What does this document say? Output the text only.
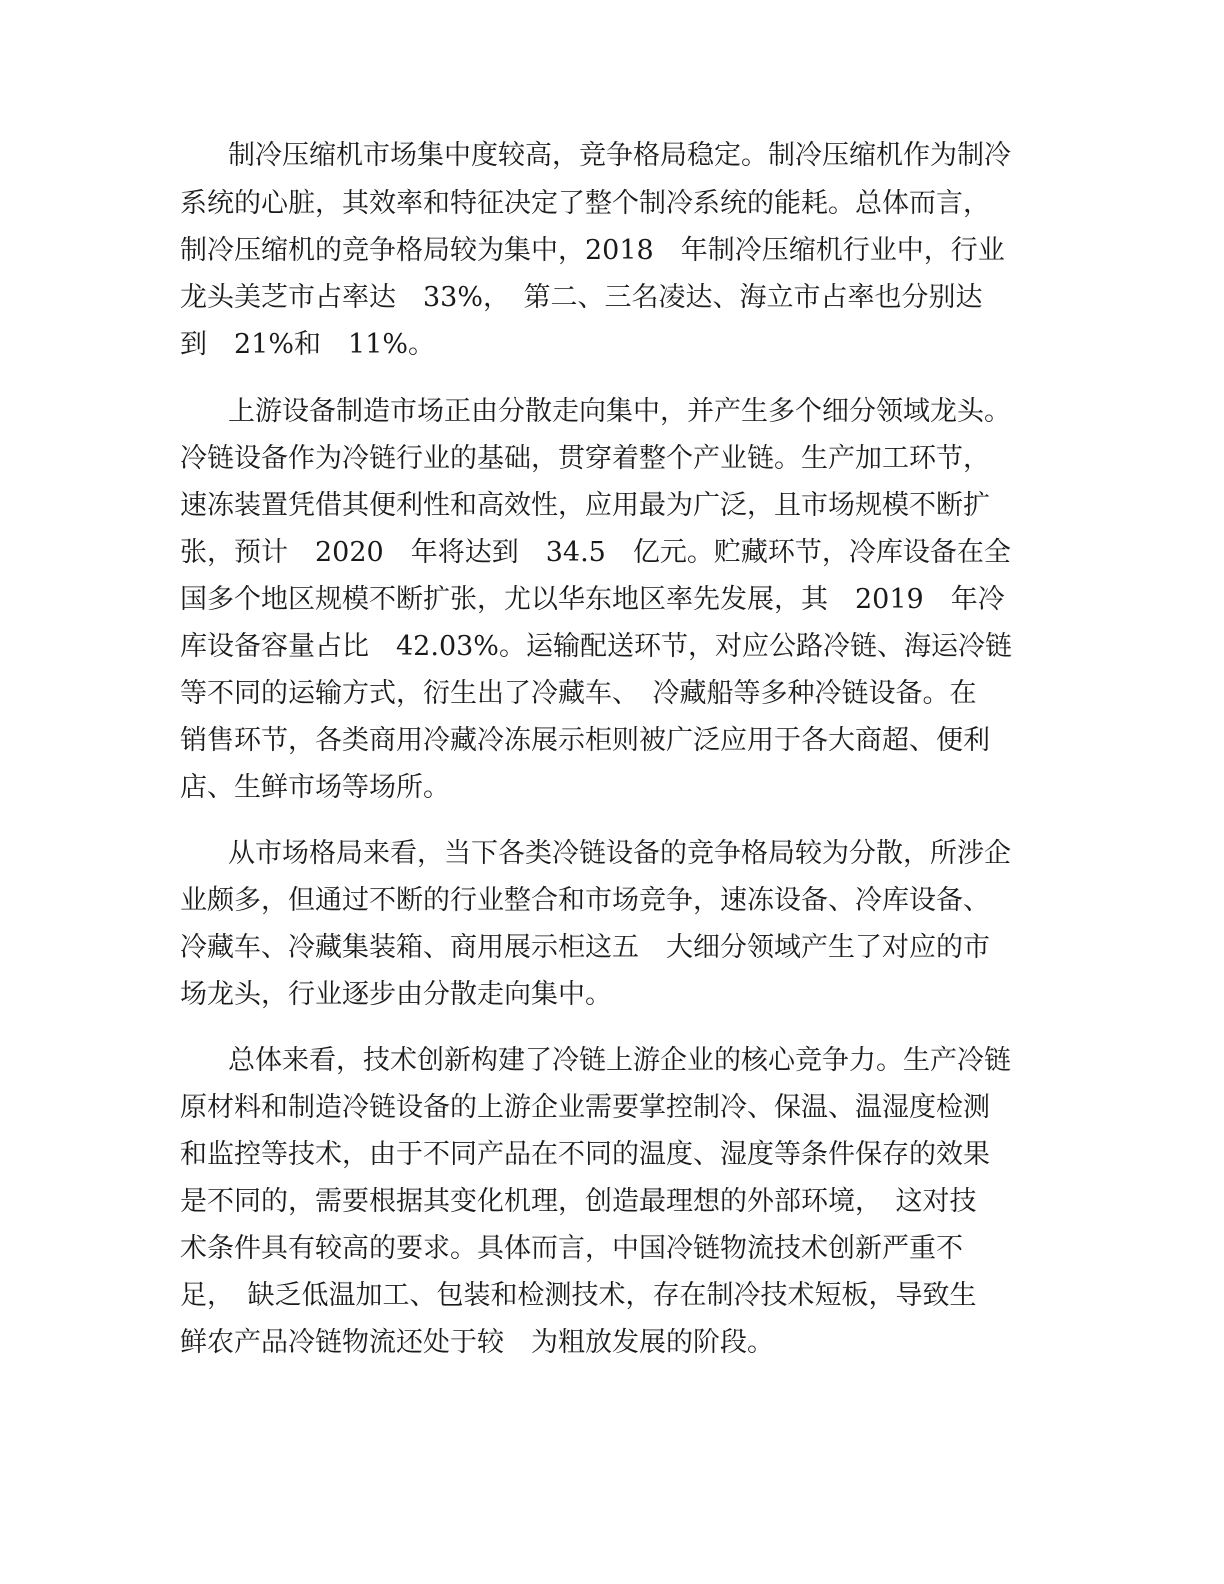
制冷压缩机市场集中度较高，竞争格局稳定。制冷压缩机作为制冷
系统的心脏，其效率和特征决定了整个制冷系统的能耗。总体而言，
制冷压缩机的竞争格局较为集中，2018　年制冷压缩机行业中，行业
龙头美芝市占率达　33%，　第二、三名凌达、海立市占率也分别达
到　21%和　11%。
上游设备制造市场正由分散走向集中，并产生多个细分领域龙头。
冷链设备作为冷链行业的基础，贯穿着整个产业链。生产加工环节，
速冻装置凭借其便利性和高效性，应用最为广泛，且市场规模不断扩
张，预计　2020　年将达到　34.5　亿元。贮藏环节，冷库设备在全
国多个地区规模不断扩张，尤以华东地区率先发展，其　2019　年冷
库设备容量占比　42.03%。运输配送环节，对应公路冷链、海运冷链
等不同的运输方式，衍生出了冷藏车、　冷藏船等多种冷链设备。在
销售环节，各类商用冷藏冷冻展示柜则被广泛应用于各大商超、便利
店、生鲜市场等场所。
从市场格局来看，当下各类冷链设备的竞争格局较为分散，所涉企
业颇多，但通过不断的行业整合和市场竞争，速冻设备、冷库设备、
冷藏车、冷藏集装箱、商用展示柜这五　大细分领域产生了对应的市
场龙头，行业逐步由分散走向集中。
总体来看，技术创新构建了冷链上游企业的核心竞争力。生产冷链
原材料和制造冷链设备的上游企业需要掌控制冷、保温、温湿度检测
和监控等技术，由于不同产品在不同的温度、湿度等条件保存的效果
是不同的，需要根据其变化机理，创造最理想的外部环境，　这对技
术条件具有较高的要求。具体而言，中国冷链物流技术创新严重不
足，　缺乏低温加工、包装和检测技术，存在制冷技术短板，导致生
鲜农产品冷链物流还处于较　为粗放发展的阶段。
